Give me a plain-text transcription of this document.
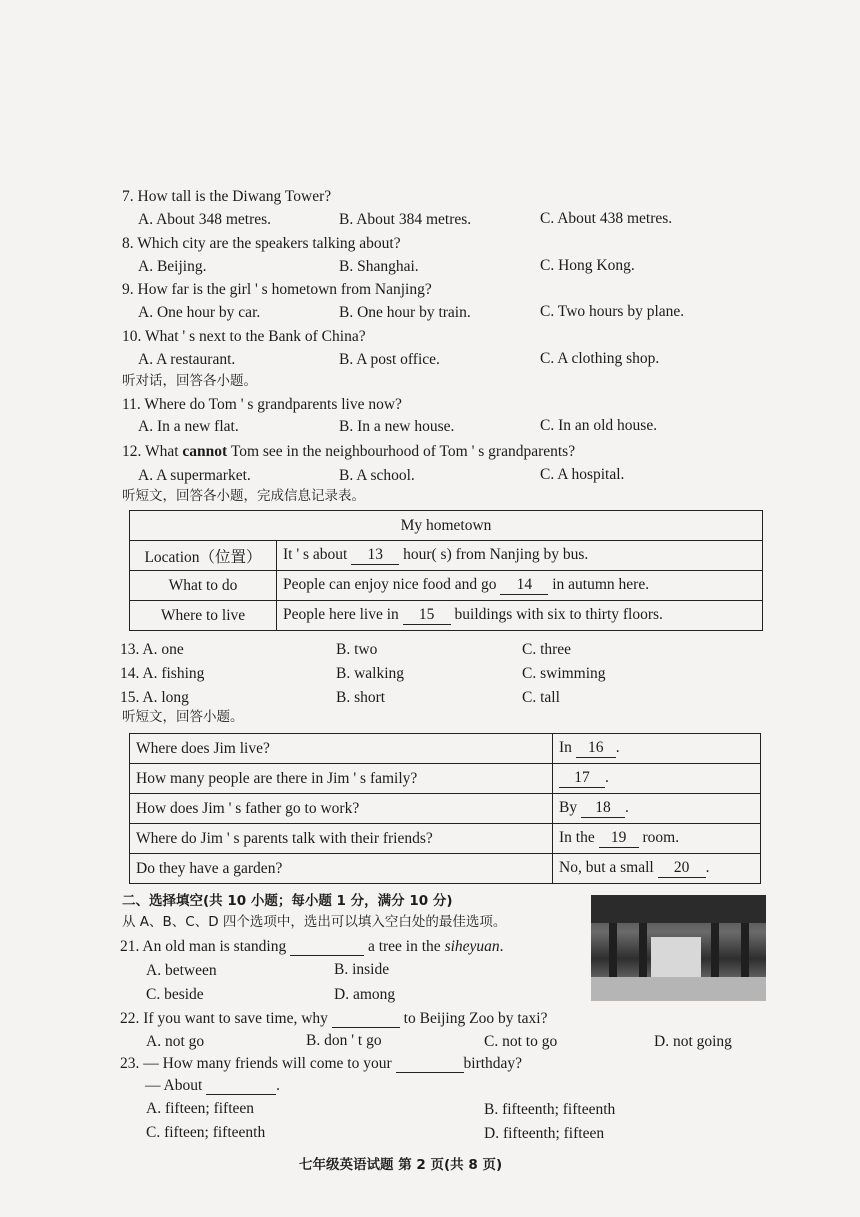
7. How tall is the Diwang Tower?
A. About 348 metres.	B. About 384 metres.	C. About 438 metres.
8. Which city are the speakers talking about?
A. Beijing.	B. Shanghai.	C. Hong Kong.
9. How far is the girl ' s hometown from Nanjing?
A. One hour by car.	B. One hour by train.	C. Two hours by plane.
10. What ' s next to the Bank of China?
A. A restaurant.	B. A post office.	C. A clothing shop.
听对话，回答各小题。
11. Where do Tom ' s grandparents live now?
A. In a new flat.	B. In a new house.	C. In an old house.
12. What cannot Tom see in the neighbourhood of Tom ' s grandparents?
A. A supermarket.	B. A school.	C. A hospital.
听短文，回答各小题，完成信息记录表。
My hometown	
Location（位置）	It ' s about 13 hour( s) from Nanjing by bus.
What to do	People can enjoy nice food and go 14 in autumn here.
Where to live	People here live in 15 buildings with six to thirty floors.
13. A. one	B. two	C. three
14. A. fishing	B. walking	C. swimming
15. A. long	B. short	C. tall
听短文，回答小题。
Where does Jim live?	In 16 .
How many people are there in Jim ' s family?	17 .
How does Jim ' s father go to work?	By 18 .
Where do Jim ' s parents talk with their friends?	In the 19 room.
Do they have a garden?	No, but a small 20 .
二、选择填空(共 10 小题；每小题 1 分，满分 10 分)
从 A、B、C、D 四个选项中，选出可以填入空白处的最佳选项。
21. An old man is standing	a tree in the siheyuan.
A. between	B. inside
C. beside	D. among
22. If you want to save time, why	to Beijing Zoo by taxi?
A. not go	B. don ' t go	C. not to go	D. not going
23. — How many friends will come to your	birthday?
— About	.
A. fifteen; fifteen	B. fifteenth; fifteenth
C. fifteen; fifteenth	D. fifteenth; fifteen
七年级英语试题 第 2 页(共 8 页)
